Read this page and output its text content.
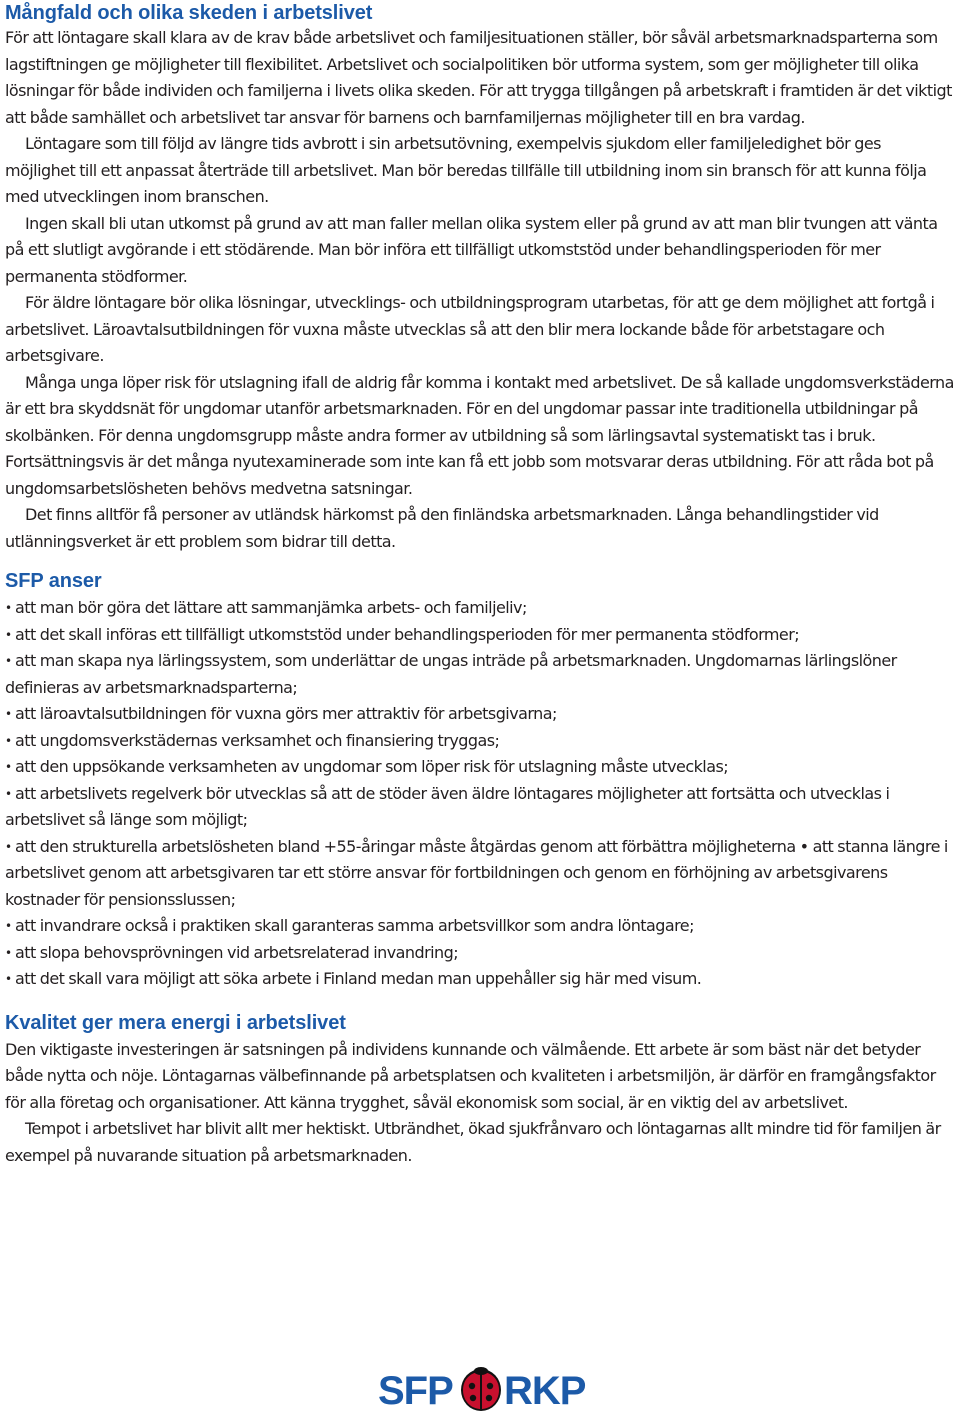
Mångfald och olika skeden i arbetslivet

För att löntagare skall klara av de krav både arbetslivet och familjesituationen ställer, bör såväl arbetsmarknadsparterna som lagstiftningen ge möjligheter till flexibilitet. Arbetslivet och socialpolitiken bör utforma system, som ger möjligheter till olika lösningar för både individen och familjerna i livets olika skeden. För att trygga tillgången på arbetskraft i framtiden är det viktigt att både samhället och arbetslivet tar ansvar för barnens och barnfamiljernas möjligheter till en bra vardag.

Löntagare som till följd av längre tids avbrott i sin arbetsutövning, exempelvis sjukdom eller familjeledighet bör ges möjlighet till ett anpassat återträde till arbetslivet. Man bör beredas tillfälle till utbildning inom sin bransch för att kunna följa med utvecklingen inom branschen.

Ingen skall bli utan utkomst på grund av att man faller mellan olika system eller på grund av att man blir tvungen att vänta på ett slutligt avgörande i ett stödärende. Man bör införa ett tillfälligt utkomststöd under behandlingsperioden för mer permanenta stödformer.

För äldre löntagare bör olika lösningar, utvecklings- och utbildningsprogram utarbetas, för att ge dem möjlighet att fortgå i arbetslivet. Läroavtalsutbildningen för vuxna måste utvecklas så att den blir mera lockande både för arbetstagare och arbetsgivare.

Många unga löper risk för utslagning ifall de aldrig får komma i kontakt med arbetslivet. De så kallade ungdomsverkstäderna är ett bra skyddsnät för ungdomar utanför arbetsmarknaden. För en del ungdomar passar inte traditionella utbildningar på skolbänken. För denna ungdomsgrupp måste andra former av utbildning så som lärlingsavtal systematiskt tas i bruk. Fortsättningsvis är det många nyutexaminerade som inte kan få ett jobb som motsvarar deras utbildning. För att råda bot på ungdomsarbetslösheten behövs medvetna satsningar.

Det finns alltför få personer av utländsk härkomst på den finländska arbetsmarknaden. Långa behandlingstider vid utlänningsverket är ett problem som bidrar till detta.

SFP anser
• att man bör göra det lättare att sammanjämka arbets- och familjeliv;
• att det skall införas ett tillfälligt utkomststöd under behandlingsperioden för mer permanenta stödformer;
• att man skapa nya lärlingssystem, som underlättar de ungas inträde på arbetsmarknaden. Ungdomarnas lärlingslöner definieras av arbetsmarknadsparterna;
• att läroavtalsutbildningen för vuxna görs mer attraktiv för arbetsgivarna;
• att ungdomsverkstädernas verksamhet och finansiering tryggas;
• att den uppsökande verksamheten av ungdomar som löper risk för utslagning måste utvecklas;
• att arbetslivets regelverk bör utvecklas så att de stöder även äldre löntagares möjligheter att fortsätta och utvecklas i arbetslivet så länge som möjligt;
• att den strukturella arbetslösheten bland +55-åringar måste åtgärdas genom att förbättra möjligheterna • att stanna längre i arbetslivet genom att arbetsgivaren tar ett större ansvar för fortbildningen och genom en förhöjning av arbetsgivarens kostnader för pensionsslussen;
• att invandrare också i praktiken skall garanteras samma arbetsvillkor som andra löntagare;
• att slopa behovsprövningen vid arbetsrelaterad invandring;
• att det skall vara möjligt att söka arbete i Finland medan man uppehåller sig här med visum.
Kvalitet ger mera energi i arbetslivet

Den viktigaste investeringen är satsningen på individens kunnande och välmående. Ett arbete är som bäst när det betyder både nytta och nöje. Löntagarnas välbefinnande på arbetsplatsen och kvaliteten i arbetsmiljön, är därför en framgångsfaktor för alla företag och organisationer. Att känna trygghet, såväl ekonomisk som social, är en viktig del av arbetslivet.

Tempot i arbetslivet har blivit allt mer hektiskt. Utbrändhet, ökad sjukfrånvaro och löntagarnas allt mindre tid för familjen är exempel på nuvarande situation på arbetsmarknaden.

SFP RKP
